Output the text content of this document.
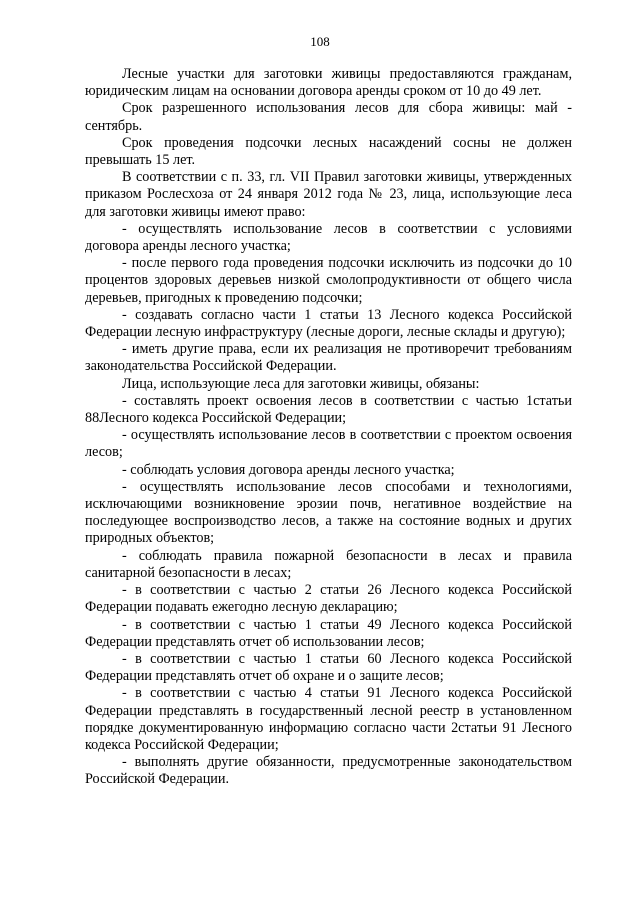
108

Лесные участки для заготовки живицы предоставляются гражданам, юридическим лицам на основании договора аренды сроком от 10 до 49 лет.

Срок разрешенного использования лесов для сбора живицы: май - сентябрь.

Срок проведения подсочки лесных насаждений сосны не должен превышать 15 лет.

В соответствии с п. 33, гл. VII Правил заготовки живицы, утвержденных приказом Рослесхоза от 24 января 2012 года № 23, лица, использующие леса для заготовки живицы имеют право:

- осуществлять использование лесов в соответствии с условиями договора аренды лесного участка;

- после первого года проведения подсочки исключить из подсочки до 10 процентов здоровых деревьев низкой смолопродуктивности от общего числа деревьев, пригодных к проведению подсочки;

- создавать согласно части 1 статьи 13 Лесного кодекса Российской Федерации лесную инфраструктуру (лесные дороги, лесные склады и другую);

- иметь другие права, если их реализация не противоречит требованиям законодательства Российской Федерации.

Лица, использующие леса для заготовки живицы, обязаны:

- составлять проект освоения лесов в соответствии с частью 1статьи 88Лесного кодекса Российской Федерации;

- осуществлять использование лесов в соответствии с проектом освоения лесов;

- соблюдать условия договора аренды лесного участка;

- осуществлять использование лесов способами и технологиями, исключающими возникновение эрозии почв, негативное воздействие на последующее воспроизводство лесов, а также на состояние водных и других природных объектов;

- соблюдать правила пожарной безопасности в лесах и правила санитарной безопасности в лесах;

- в соответствии с частью 2 статьи 26 Лесного кодекса Российской Федерации подавать ежегодно лесную декларацию;

- в соответствии с частью 1 статьи 49 Лесного кодекса Российской Федерации представлять отчет об использовании лесов;

- в соответствии с частью 1 статьи 60 Лесного кодекса Российской Федерации представлять отчет об охране и о защите лесов;

- в соответствии с частью 4 статьи 91 Лесного кодекса Российской Федерации представлять в государственный лесной реестр в установленном порядке документированную информацию согласно части 2статьи 91 Лесного кодекса Российской Федерации;

- выполнять другие обязанности, предусмотренные законодательством Российской Федерации.
